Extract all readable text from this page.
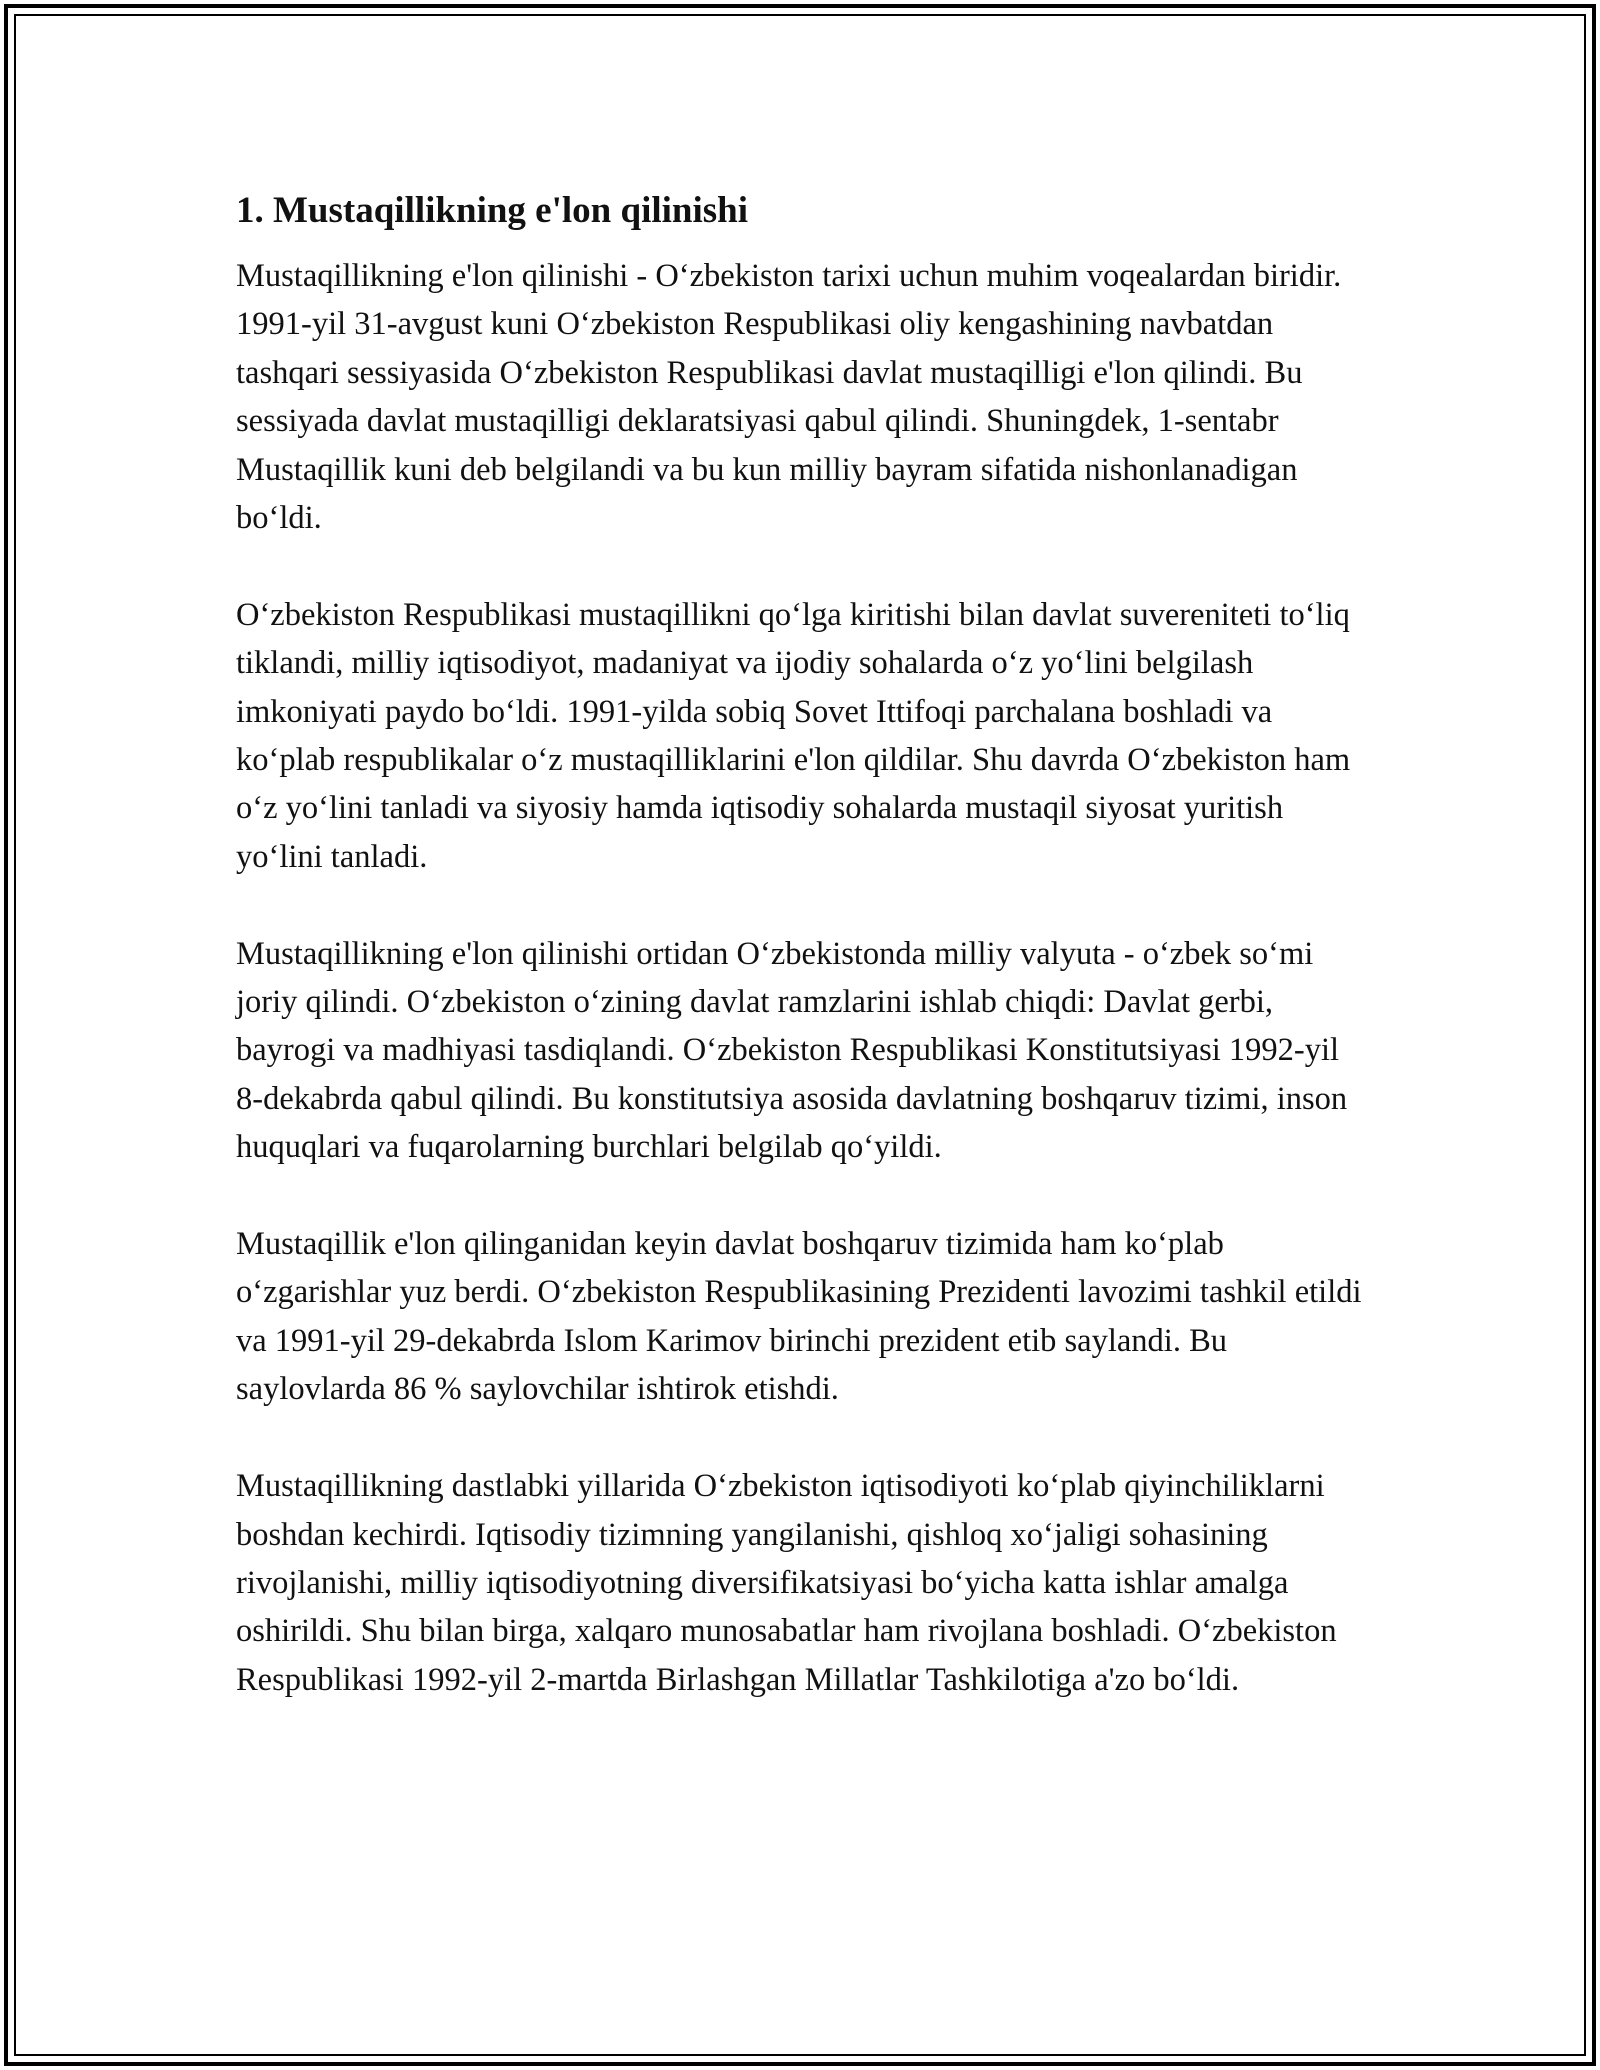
1. Mustaqillikning e'lon qilinishi

Mustaqillikning e'lon qilinishi - O‘zbekiston tarixi uchun muhim voqealardan biridir. 1991-yil 31-avgust kuni O‘zbekiston Respublikasi oliy kengashining navbatdan tashqari sessiyasida O‘zbekiston Respublikasi davlat mustaqilligi e'lon qilindi. Bu sessiyada davlat mustaqilligi deklaratsiyasi qabul qilindi. Shuningdek, 1-sentabr Mustaqillik kuni deb belgilandi va bu kun milliy bayram sifatida nishonlanadigan bo‘ldi.

O‘zbekiston Respublikasi mustaqillikni qo‘lga kiritishi bilan davlat suvereniteti to‘liq tiklandi, milliy iqtisodiyot, madaniyat va ijodiy sohalarda o‘z yo‘lini belgilash imkoniyati paydo bo‘ldi. 1991-yilda sobiq Sovet Ittifoqi parchalana boshladi va ko‘plab respublikalar o‘z mustaqilliklarini e'lon qildilar. Shu davrda O‘zbekiston ham o‘z yo‘lini tanladi va siyosiy hamda iqtisodiy sohalarda mustaqil siyosat yuritish yo‘lini tanladi.

Mustaqillikning e'lon qilinishi ortidan O‘zbekistonda milliy valyuta - o‘zbek so‘mi joriy qilindi. O‘zbekiston o‘zining davlat ramzlarini ishlab chiqdi: Davlat gerbi, bayrogi va madhiyasi tasdiqlandi. O‘zbekiston Respublikasi Konstitutsiyasi 1992-yil 8-dekabrda qabul qilindi. Bu konstitutsiya asosida davlatning boshqaruv tizimi, inson huquqlari va fuqarolarning burchlari belgilab qo‘yildi.

Mustaqillik e'lon qilinganidan keyin davlat boshqaruv tizimida ham ko‘plab o‘zgarishlar yuz berdi. O‘zbekiston Respublikasining Prezidenti lavozimi tashkil etildi va 1991-yil 29-dekabrda Islom Karimov birinchi prezident etib saylandi. Bu saylovlarda 86 % saylovchilar ishtirok etishdi.

Mustaqillikning dastlabki yillarida O‘zbekiston iqtisodiyoti ko‘plab qiyinchiliklarni boshdan kechirdi. Iqtisodiy tizimning yangilanishi, qishloq xo‘jaligi sohasining rivojlanishi, milliy iqtisodiyotning diversifikatsiyasi bo‘yicha katta ishlar amalga oshirildi. Shu bilan birga, xalqaro munosabatlar ham rivojlana boshladi. O‘zbekiston Respublikasi 1992-yil 2-martda Birlashgan Millatlar Tashkilotiga a'zo bo‘ldi.
